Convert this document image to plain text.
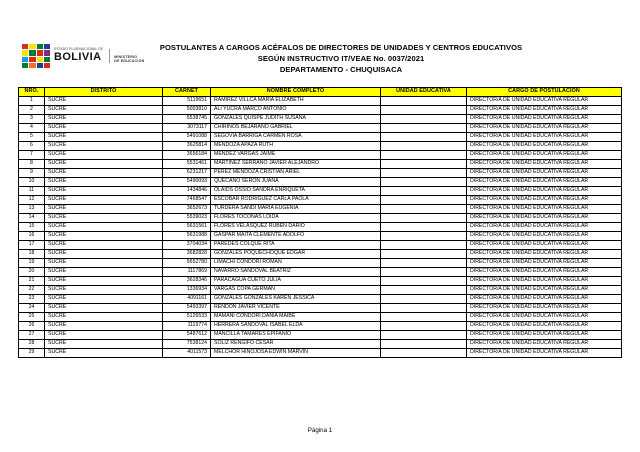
ESTADO PLURINACIONAL DE
BOLIVIA	MINISTERIO
DE EDUCACIÓN
POSTULANTES A CARGOS ACÉFALOS DE DIRECTORES DE UNIDADES Y CENTROS EDUCATIVOS
SEGÚN INSTRUCTIVO IT/VEAE No. 0037/2021
DEPARTAMENTO - CHUQUISACA
NRO.	DISTRITO	CARNET	NOMBRE COMPLETO	UNIDAD EDUCATIVA	CARGO DE POSTULACIÓN
1	SUCRE	5119651	RAMIREZ VILLCA MARIA ELIZABETH		DIRECTOR/A DE UNIDAD EDUCATIVA REGULAR
2	SUCRE	5003810	ALI YUCRA MARCO ANTONIO		DIRECTOR/A DE UNIDAD EDUCATIVA REGULAR
3	SUCRE	5538745	GONZALES QUISPE JUDITH SUSANA		DIRECTOR/A DE UNIDAD EDUCATIVA REGULAR
4	SUCRE	3073117	CHIRINOS BEJARANO GABRIEL		DIRECTOR/A DE UNIDAD EDUCATIVA REGULAR
5	SUCRE	5491088	SEGOVIA BARRIGA CARMEN ROSA		DIRECTOR/A DE UNIDAD EDUCATIVA REGULAR
6	SUCRE	3625814	MENDOZA APAZA RUTH		DIRECTOR/A DE UNIDAD EDUCATIVA REGULAR
7	SUCRE	3656184	MENDEZ VARGAS JAIME		DIRECTOR/A DE UNIDAD EDUCATIVA REGULAR
8	SUCRE	5531461	MARTINEZ SERRANO JAVIER ALEJANDRO		DIRECTOR/A DE UNIDAD EDUCATIVA REGULAR
9	SUCRE	6231217	PEREZ MENDOZA CRISTIAN ARIEL		DIRECTOR/A DE UNIDAD EDUCATIVA REGULAR
10	SUCRE	5490093	QUECAÑO SERON JUANA		DIRECTOR/A DE UNIDAD EDUCATIVA REGULAR
11	SUCRE	1434846	OLAIDS OSSIO SANDRA ENRIQUETA		DIRECTOR/A DE UNIDAD EDUCATIVA REGULAR
12	SUCRE	7468547	ESCOBAR RODRIGUEZ CARLA PAOLA		DIRECTOR/A DE UNIDAD EDUCATIVA REGULAR
13	SUCRE	3652673	TURDERA SANDI MARIA EUGENIA		DIRECTOR/A DE UNIDAD EDUCATIVA REGULAR
14	SUCRE	5539023	FLORES TOCONAS LOIDA		DIRECTOR/A DE UNIDAD EDUCATIVA REGULAR
15	SUCRE	5631561	FLORES VELASQUEZ RUBEN DARIO		DIRECTOR/A DE UNIDAD EDUCATIVA REGULAR
16	SUCRE	5631988	GASPAR MAITA CLEMENTE ADOLFO		DIRECTOR/A DE UNIDAD EDUCATIVA REGULAR
17	SUCRE	3704034	PAREDES COLQUE RITA		DIRECTOR/A DE UNIDAD EDUCATIVA REGULAR
18	SUCRE	3682828	GONZALES POQUECHOQUE EDGAR		DIRECTOR/A DE UNIDAD EDUCATIVA REGULAR
19	SUCRE	5652780	LIMACHI CONDORI ROMAN		DIRECTOR/A DE UNIDAD EDUCATIVA REGULAR
20	SUCRE	1117869	NAVARRO SANDOVAL BEATRIZ		DIRECTOR/A DE UNIDAD EDUCATIVA REGULAR
21	SUCRE	3628346	PARACAGUA CUETO JULIA		DIRECTOR/A DE UNIDAD EDUCATIVA REGULAR
22	SUCRE	1336934	VARGAS COPA GERMAN		DIRECTOR/A DE UNIDAD EDUCATIVA REGULAR
23	SUCRE	4091161	GONZALES GONZALES KAREN JESSICA		DIRECTOR/A DE UNIDAD EDUCATIVA REGULAR
24	SUCRE	5493397	RENDON JAVIER VICENTE		DIRECTOR/A DE UNIDAD EDUCATIVA REGULAR
25	SUCRE	5126533	MAMANI CONDORI DANIA MAIBE		DIRECTOR/A DE UNIDAD EDUCATIVA REGULAR
26	SUCRE	1119774	HERRERA SANDOVAL ISABEL ELDA		DIRECTOR/A DE UNIDAD EDUCATIVA REGULAR
27	SUCRE	5487612	MANCILLA TAMARES EPIFANIO		DIRECTOR/A DE UNIDAD EDUCATIVA REGULAR
28	SUCRE	7538124	SOLIZ RENGIFO CESAR		DIRECTOR/A DE UNIDAD EDUCATIVA REGULAR
29	SUCRE	4011573	MELCHOR HINOJOSA EDWIN MARVIN		DIRECTOR/A DE UNIDAD EDUCATIVA REGULAR
Página 1
